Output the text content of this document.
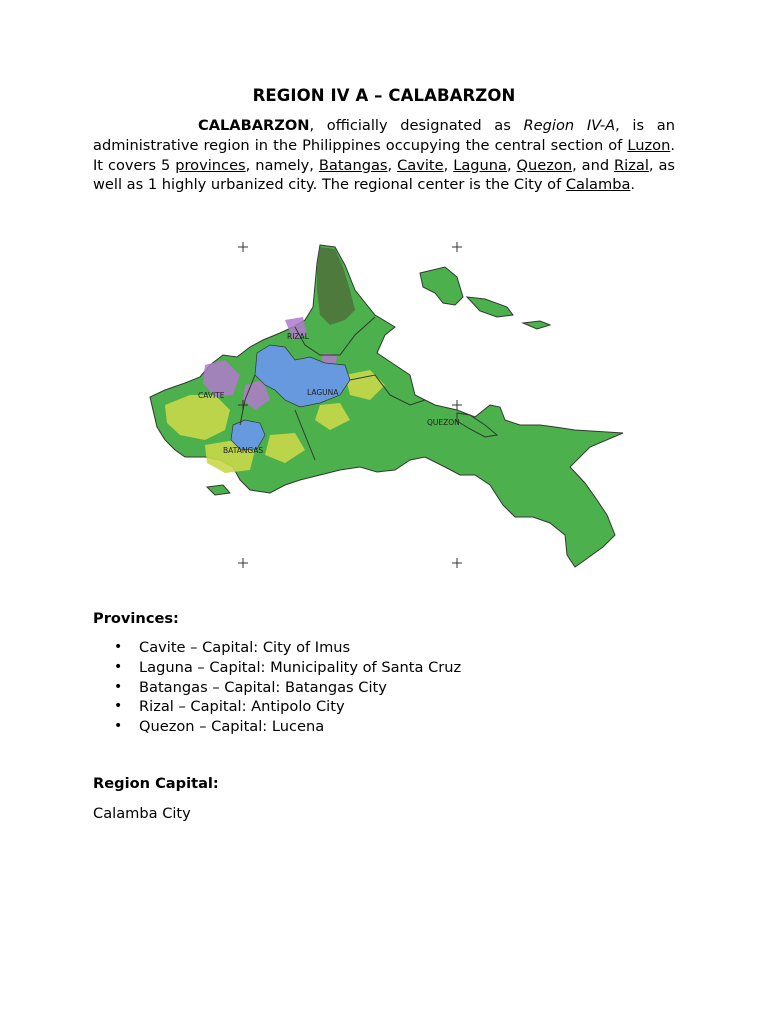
REGION IV A – CALABARZON

CALABARZON, officially designated as Region IV-A, is an administrative region in the Philippines occupying the central section of Luzon. It covers 5 provinces, namely, Batangas, Cavite, Laguna, Quezon, and Rizal, as well as 1 highly urbanized city. The regional center is the City of Calamba.

RIZAL
LAGUNA
CAVITE
BATANGAS
QUEZON
Provinces:
• Cavite – Capital: City of Imus
• Laguna – Capital: Municipality of Santa Cruz
• Batangas – Capital: Batangas City
• Rizal – Capital: Antipolo City
• Quezon – Capital: Lucena
Region Capital:
Calamba City
